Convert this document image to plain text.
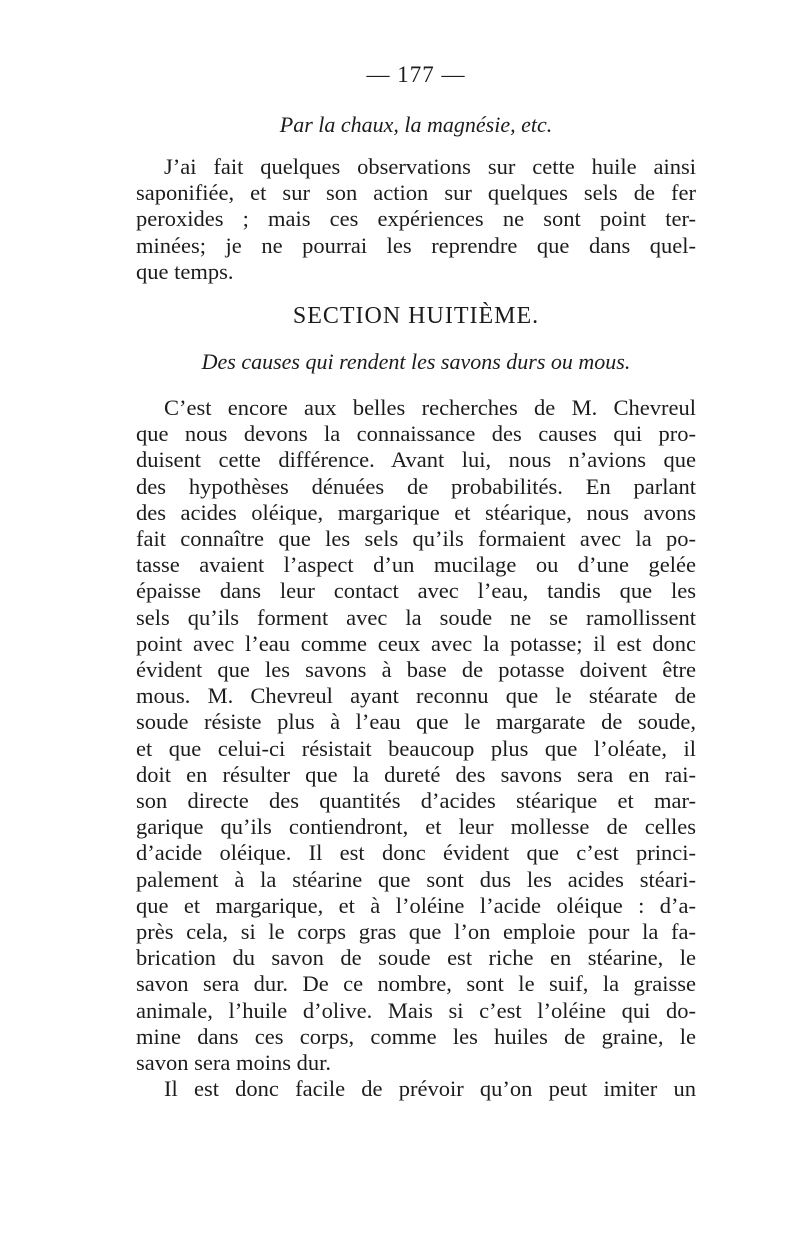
— 177 —
Par la chaux, la magnésie, etc.
J’ai fait quelques observations sur cette huile ainsi
saponifiée, et sur son action sur quelques sels de fer
peroxides ; mais ces expériences ne sont point ter-
minées; je ne pourrai les reprendre que dans quel-
que temps.
SECTION HUITIÈME.
Des causes qui rendent les savons durs ou mous.
C’est encore aux belles recherches de M. Chevreul
que nous devons la connaissance des causes qui pro-
duisent cette différence. Avant lui, nous n’avions que
des hypothèses dénuées de probabilités. En parlant
des acides oléique, margarique et stéarique, nous avons
fait connaître que les sels qu’ils formaient avec la po-
tasse avaient l’aspect d’un mucilage ou d’une gelée
épaisse dans leur contact avec l’eau, tandis que les
sels qu’ils forment avec la soude ne se ramollissent
point avec l’eau comme ceux avec la potasse; il est donc
évident que les savons à base de potasse doivent être
mous. M. Chevreul ayant reconnu que le stéarate de
soude résiste plus à l’eau que le margarate de soude,
et que celui-ci résistait beaucoup plus que l’oléate, il
doit en résulter que la dureté des savons sera en rai-
son directe des quantités d’acides stéarique et mar-
garique qu’ils contiendront, et leur mollesse de celles
d’acide oléique. Il est donc évident que c’est princi-
palement à la stéarine que sont dus les acides stéari-
que et margarique, et à l’oléine l’acide oléique : d’a-
près cela, si le corps gras que l’on emploie pour la fa-
brication du savon de soude est riche en stéarine, le
savon sera dur. De ce nombre, sont le suif, la graisse
animale, l’huile d’olive. Mais si c’est l’oléine qui do-
mine dans ces corps, comme les huiles de graine, le
savon sera moins dur.
Il est donc facile de prévoir qu’on peut imiter un
